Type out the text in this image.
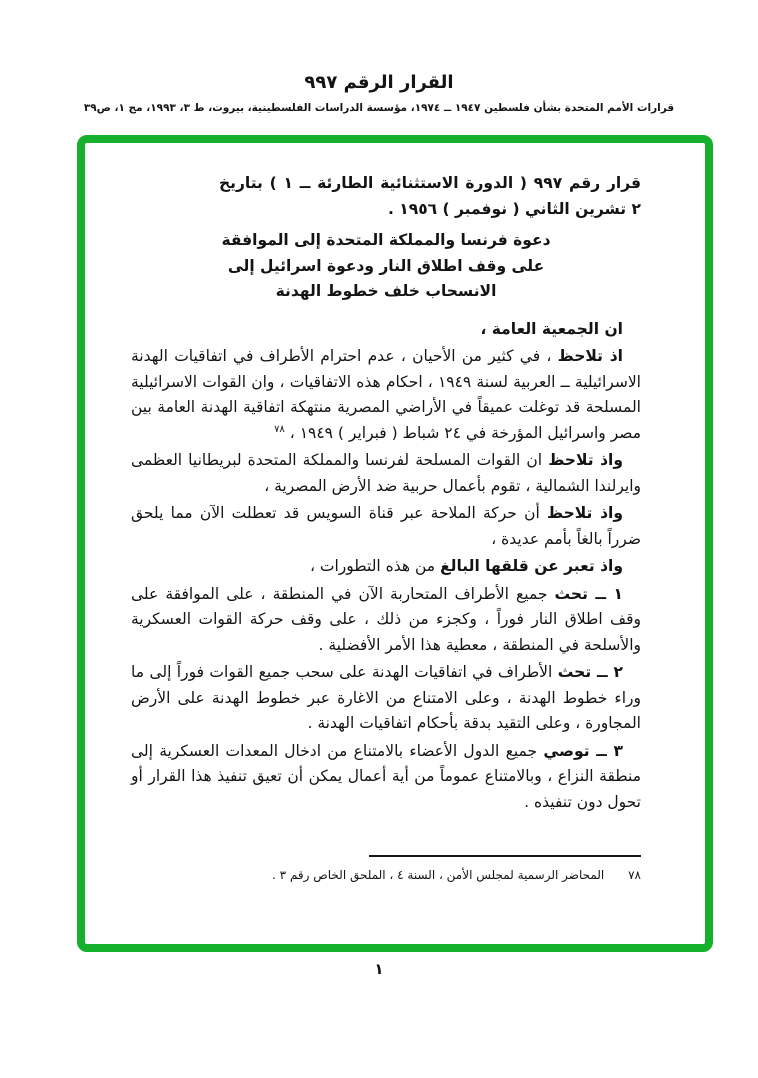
القرار الرقم ٩٩٧
قرارات الأمم المتحدة بشأن فلسطين ١٩٤٧ ــ ١٩٧٤، مؤسسة الدراسات الفلسطينية، بيروت، ط ٣، ١٩٩٣، مج ١، ص٣٩

قرار رقم ٩٩٧ ( الدورة الاستثنائية الطارئة ــ ١ ) بتاريخ ٢ تشرين الثاني ( نوفمبر ) ١٩٥٦ .

دعوة فرنسا والمملكة المتحدة إلى الموافقة
على وقف اطلاق النار ودعوة اسرائيل إلى
الانسحاب خلف خطوط الهدنة

ان الجمعية العامة ،

اذ تلاحظ ، في كثير من الأحيان ، عدم احترام الأطراف في اتفاقيات الهدنة الاسرائيلية ــ العربية لسنة ١٩٤٩ ، احكام هذه الاتفاقيات ، وان القوات الاسرائيلية المسلحة قد توغلت عميقاً في الأراضي المصرية منتهكة اتفاقية الهدنة العامة بين مصر واسرائيل المؤرخة في ٢٤ شباط ( فبراير ) ١٩٤٩ ، $^{٧٨}$

واذ تلاحظ ان القوات المسلحة لفرنسا والمملكة المتحدة لبريطانيا العظمى وايرلندا الشمالية ، تقوم بأعمال حربية ضد الأرض المصرية ،

واذ تلاحظ أن حركة الملاحة عبر قناة السويس قد تعطلت الآن مما يلحق ضرراً بالغاً بأمم عديدة ،

واذ تعبر عن قلقها البالغ من هذه التطورات ،

١ ــ تحث جميع الأطراف المتحاربة الآن في المنطقة ، على الموافقة على وقف اطلاق النار فوراً ، وكجزء من ذلك ، على وقف حركة القوات العسكرية والأسلحة في المنطقة ، معطية هذا الأمر الأفضلية .

٢ ــ تحث الأطراف في اتفاقيات الهدنة على سحب جميع القوات فوراً إلى ما وراء خطوط الهدنة ، وعلى الامتناع من الاغارة عبر خطوط الهدنة على الأرض المجاورة ، وعلى التقيد بدقة بأحكام اتفاقيات الهدنة .

٣ ــ توصي جميع الدول الأعضاء بالامتناع من ادخال المعدات العسكرية إلى منطقة النزاع ، وبالامتناع عموماً من أية أعمال يمكن أن تعيق تنفيذ هذا القرار أو تحول دون تنفيذه .

٧٨ المحاضر الرسمية لمجلس الأمن ، السنة ٤ ، الملحق الخاص رقم ٣ .
١
